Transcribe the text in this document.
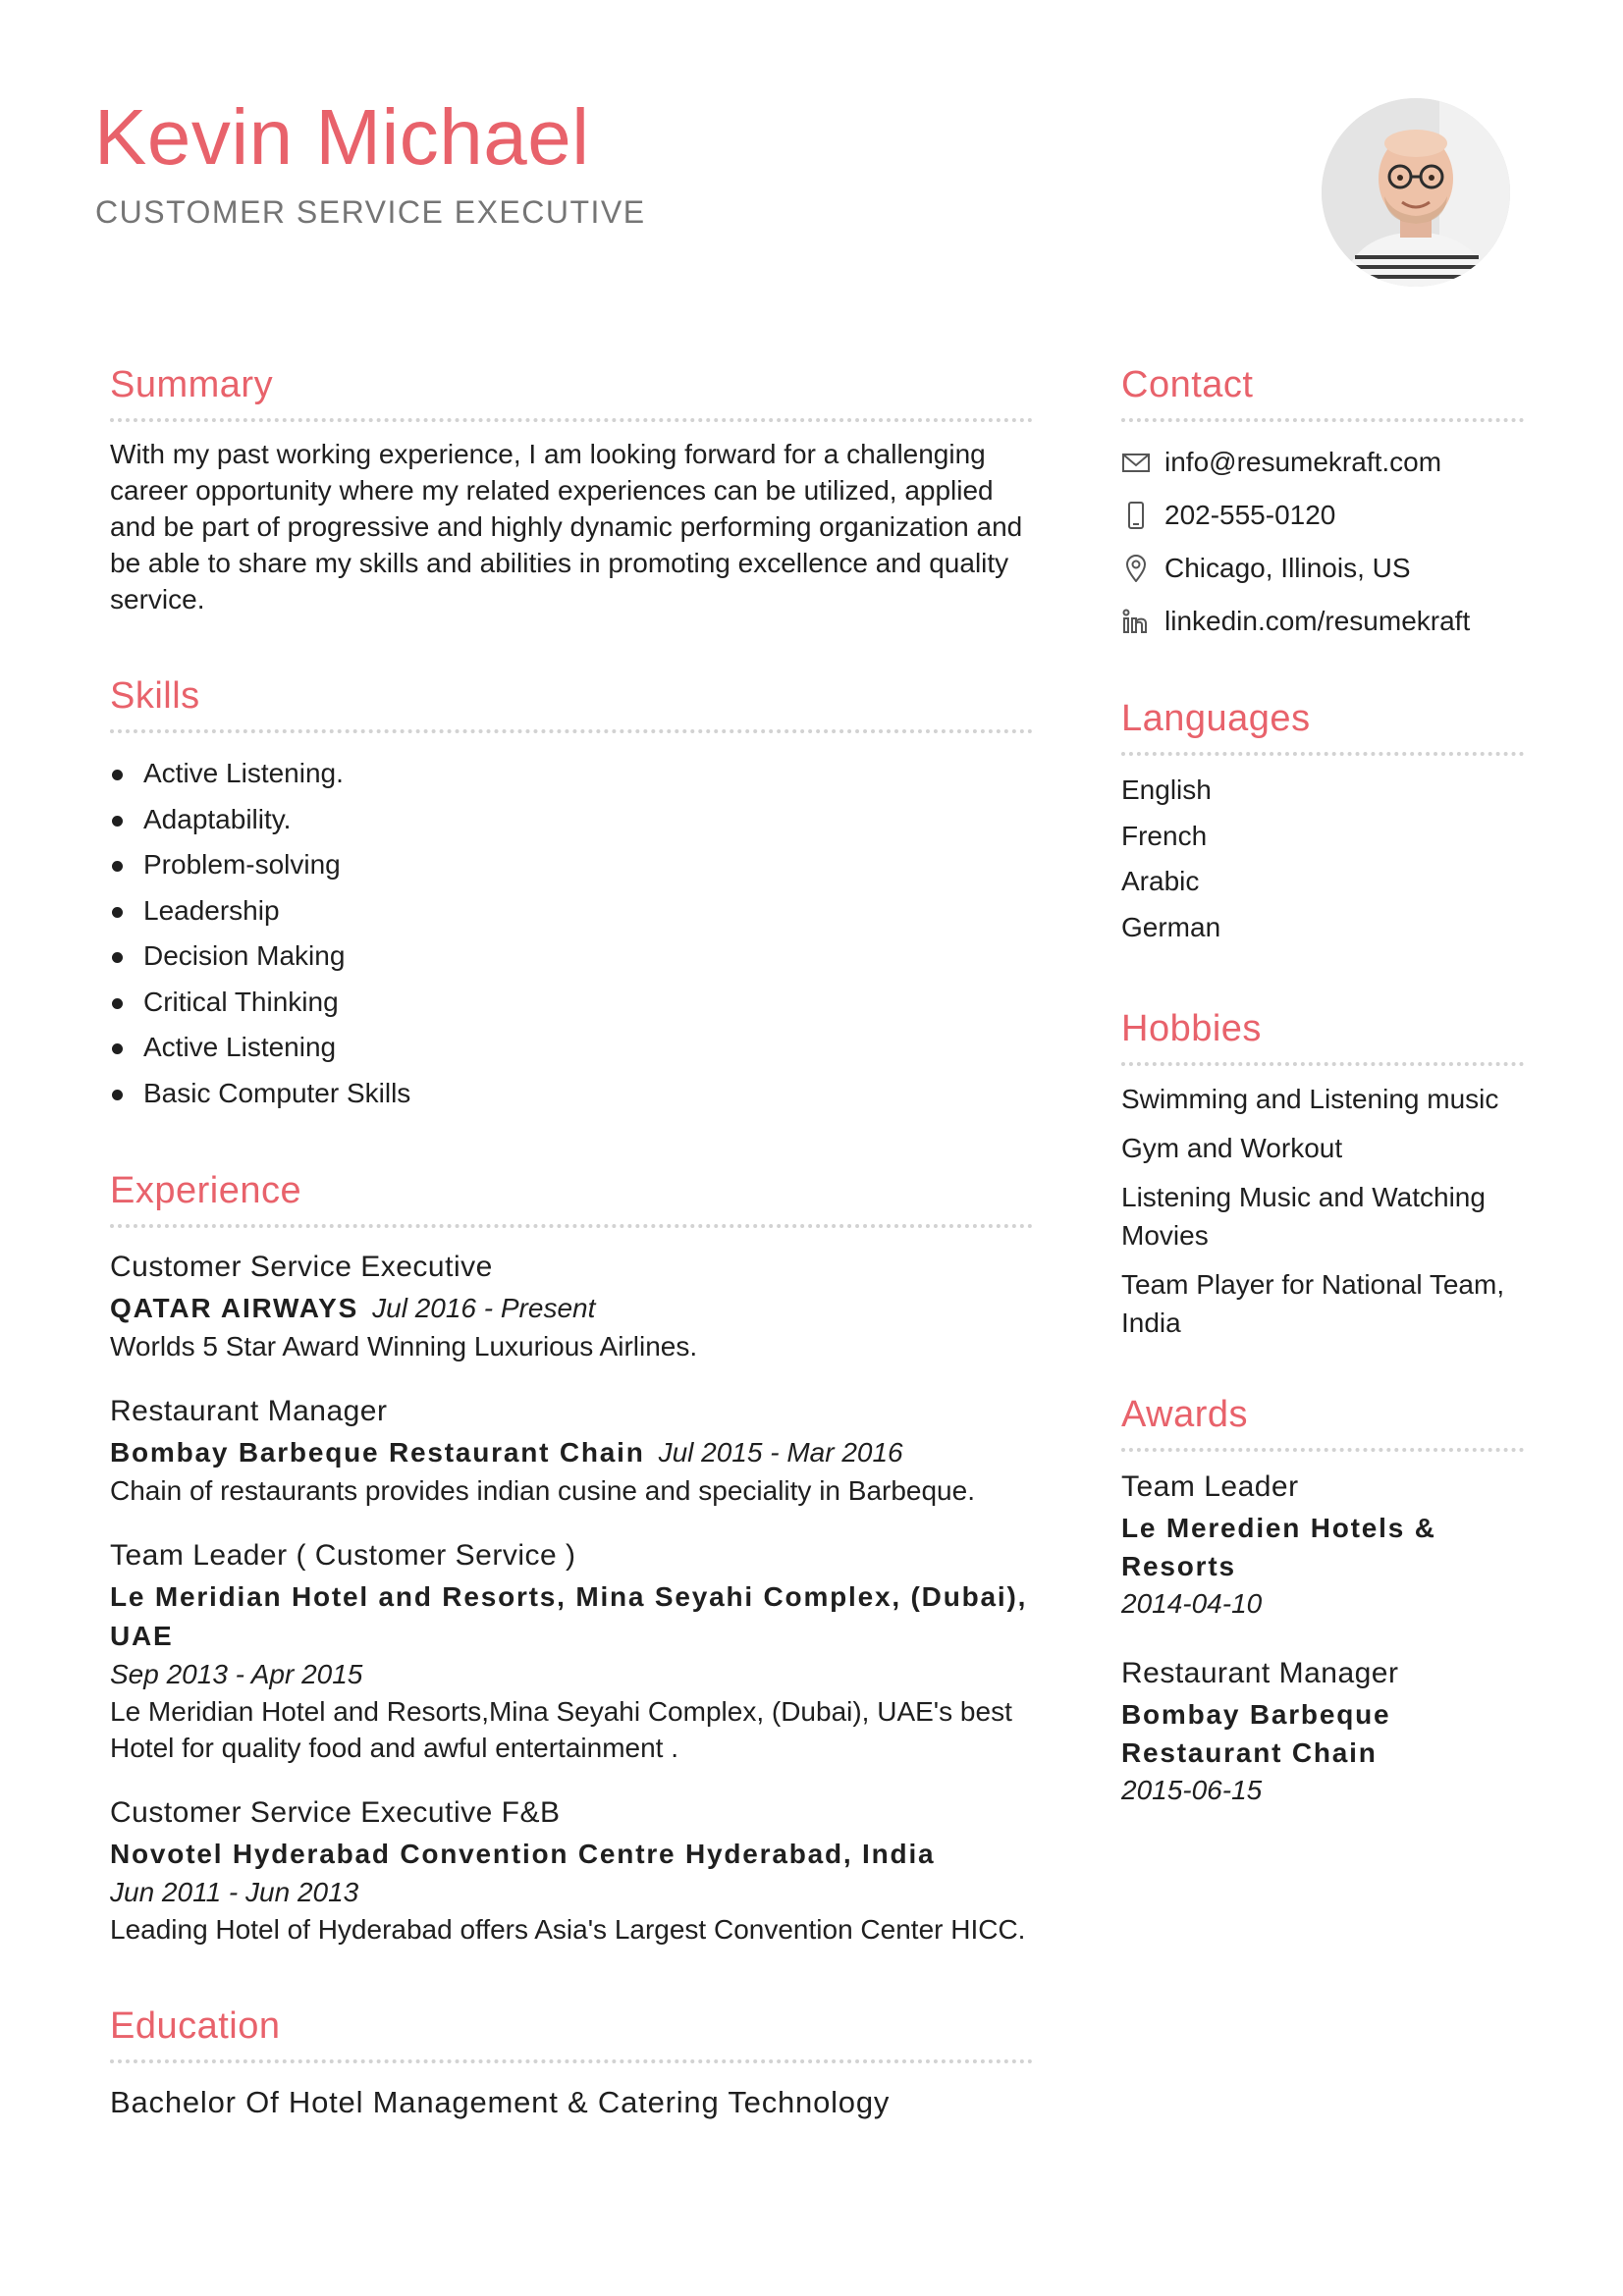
Kevin Michael
CUSTOMER SERVICE EXECUTIVE
Summary
With my past working experience, I am looking forward for a challenging career opportunity where my related experiences can be utilized, applied and be part of progressive and highly dynamic performing organization and be able to share my skills and abilities in promoting excellence and quality service.
Skills
Active Listening.
Adaptability.
Problem-solving
Leadership
Decision Making
Critical Thinking
Active Listening
Basic Computer Skills
Experience
Customer Service Executive
QATAR AIRWAYS Jul 2016 - Present
Worlds 5 Star Award Winning Luxurious Airlines.
Restaurant Manager
Bombay Barbeque Restaurant Chain Jul 2015 - Mar 2016
Chain of restaurants provides indian cusine and speciality in Barbeque.
Team Leader ( Customer Service )
Le Meridian Hotel and Resorts, Mina Seyahi Complex, (Dubai), UAE
Sep 2013 - Apr 2015
Le Meridian Hotel and Resorts,Mina Seyahi Complex, (Dubai), UAE's best Hotel for quality food and awful entertainment .
Customer Service Executive F&B
Novotel Hyderabad Convention Centre Hyderabad, India
Jun 2011 - Jun 2013
Leading Hotel of Hyderabad offers Asia's Largest Convention Center HICC.
Education
Bachelor Of Hotel Management & Catering Technology
Contact
info@resumekraft.com
202-555-0120
Chicago, Illinois, US
linkedin.com/resumekraft
Languages
English
French
Arabic
German
Hobbies
Swimming and Listening music
Gym and Workout
Listening Music and Watching Movies
Team Player for National Team, India
Awards
Team Leader
Le Meredien Hotels & Resorts
2014-04-10
Restaurant Manager
Bombay Barbeque Restaurant Chain
2015-06-15
